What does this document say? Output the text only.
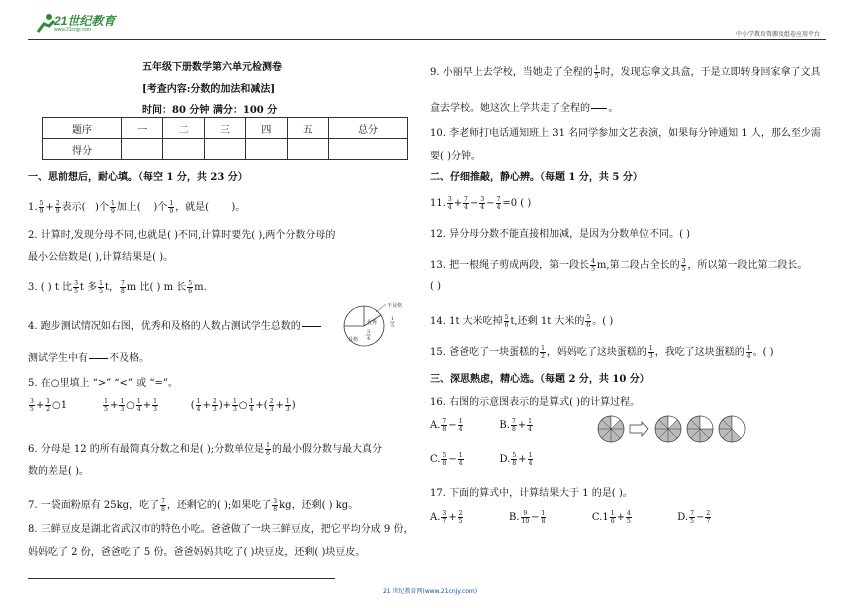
21世纪教育
www.21cnjy.com
中小学教育资源及组卷应用平台
五年级下册数学第六单元检测卷
[考查内容:分数的加法和减法]
时间：80 分钟 满分：100 分
题序	一	二	三	四	五	总分
得分						
一、思前想后，耐心填。（每空 1 分，共 23 分）
1. $\frac{5}{9} + \frac{2}{9}$ 表示( )个 $\frac{1}{9}$ 加上( )个 $\frac{1}{9}$ ，就是( )。
2. 计算时,发现分母不同,也就是( )不同,计算时要先( ),两个分数分母的
最小公倍数是( ),计算结果是( )。
3. ( ) t 比 $\frac{3}{5}$ t 多 $\frac{1}{5}$ t， $\frac{7}{8}$ m 比( ) m 长 $\frac{5}{6} m$.
4. 跑步测试情况如右图，优秀和及格的人数占测试学生总数的

测试学生中有

不及格。
不及格
优秀
及格
1
5
3
4
5. 在○里填上 “>” “<” 或 “=”。
$\frac{3}{5} + \frac{1}{2}$ ○1 $\frac{1}{5} + \frac{1}{3}$ ○ $\frac{1}{4} + \frac{1}{3}$ ( $\frac{1}{4} + \frac{2}{3}$ )+ $\frac{1}{3}$ ○ $\frac{1}{4}$ +( $\frac{2}{3} + \frac{1}{3}$ )
6. 分母是 12 的所有最简真分数之和是( );分数单位是 $\frac{1}{6}$ 的最小假分数与最大真分
数的差是( )。
7. 一袋面粉原有 25kg，吃了 $\frac{7}{8}$ ，还剩它的( );如果吃了 $\frac{3}{8}$ kg，还剩( ) kg。
8. 三鲜豆皮是湖北省武汉市的特色小吃。爸爸做了一块三鲜豆皮，把它平均分成 9 份，
妈妈吃了 2 份，爸爸吃了 5 份。爸爸妈妈共吃了( )块豆皮，还剩( )块豆皮。
21 世纪教育网(www.21cnjy.com)
9. 小丽早上去学校，当她走了全程的 $\frac{1}{5}$ 时，发现忘拿文具盒，于是立即转身回家拿了文具
盒去学校。她这次上学共走了全程的

。
10. 李老师打电话通知班上 31 名同学参加文艺表演，如果每分钟通知 1 人，那么至少需
要( )分钟。
二、仔细推敲，静心辨。（每题 1 分，共 5 分）
11. $\frac{3}{4} + \frac{7}{4} - \frac{3}{4} - \frac{7}{4} =0$ ( )
12. 异分母分数不能直接相加减，是因为分数单位不同。( )
13. 把一根绳子剪成两段，第一段长 $\frac{4}{5} m$,第二段占全长的 $\frac{3}{5}$ ，所以第一段比第二段长。
( )
14. 1t 大米吃掉 $\frac{5}{6} t$,还剩 1t 大米的 $\frac{5}{6}$ 。( )
15. 爸爸吃了一块蛋糕的 $\frac{1}{2}$ ，妈妈吃了这块蛋糕的 $\frac{1}{3}$ ，我吃了这块蛋糕的 $\frac{1}{4}$ 。( )
三、深思熟虑，精心选。（每题 2 分，共 10 分）
16. 右图的示意图表示的是算式( )的计算过程。
A. $\frac{7}{8} - \frac{1}{4}$	B. $\frac{7}{8} + \frac{1}{4}$
C. $\frac{5}{8} - \frac{1}{4}$	D. $\frac{5}{8} + \frac{1}{4}$
17. 下面的算式中，计算结果大于 1 的是( )。
A. $\frac{3}{7} + \frac{2}{5}$	B. $\frac{9}{10} - \frac{1}{8}$	$C.1 \frac{1}{6} + \frac{4}{5}$	D. $\frac{7}{5} - \frac{2}{7}$
